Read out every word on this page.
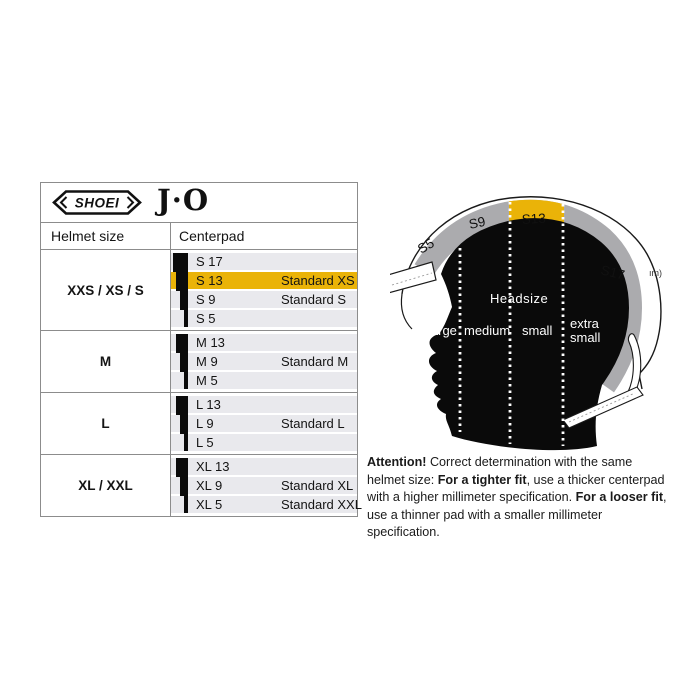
SHOEI J·O
Helmet size	Centerpad
XXS / XS / S
S 17
S 13	Standard XS
S 9	Standard S
S 5
M
M 13
M 9	Standard M
M 5
L
L 13
L 9	Standard L
L 5
XL / XXL
XL 13
XL 9	Standard XL
XL 5	Standard XXL
S5
S9	S13
S17	ım)
Headsize
large medium small extra
small

Attention! Correct determination with the same helmet size: For a tighter fit, use a thicker centerpad with a higher millimeter specification. For a looser fit, use a thinner pad with a smaller millimeter specification.
